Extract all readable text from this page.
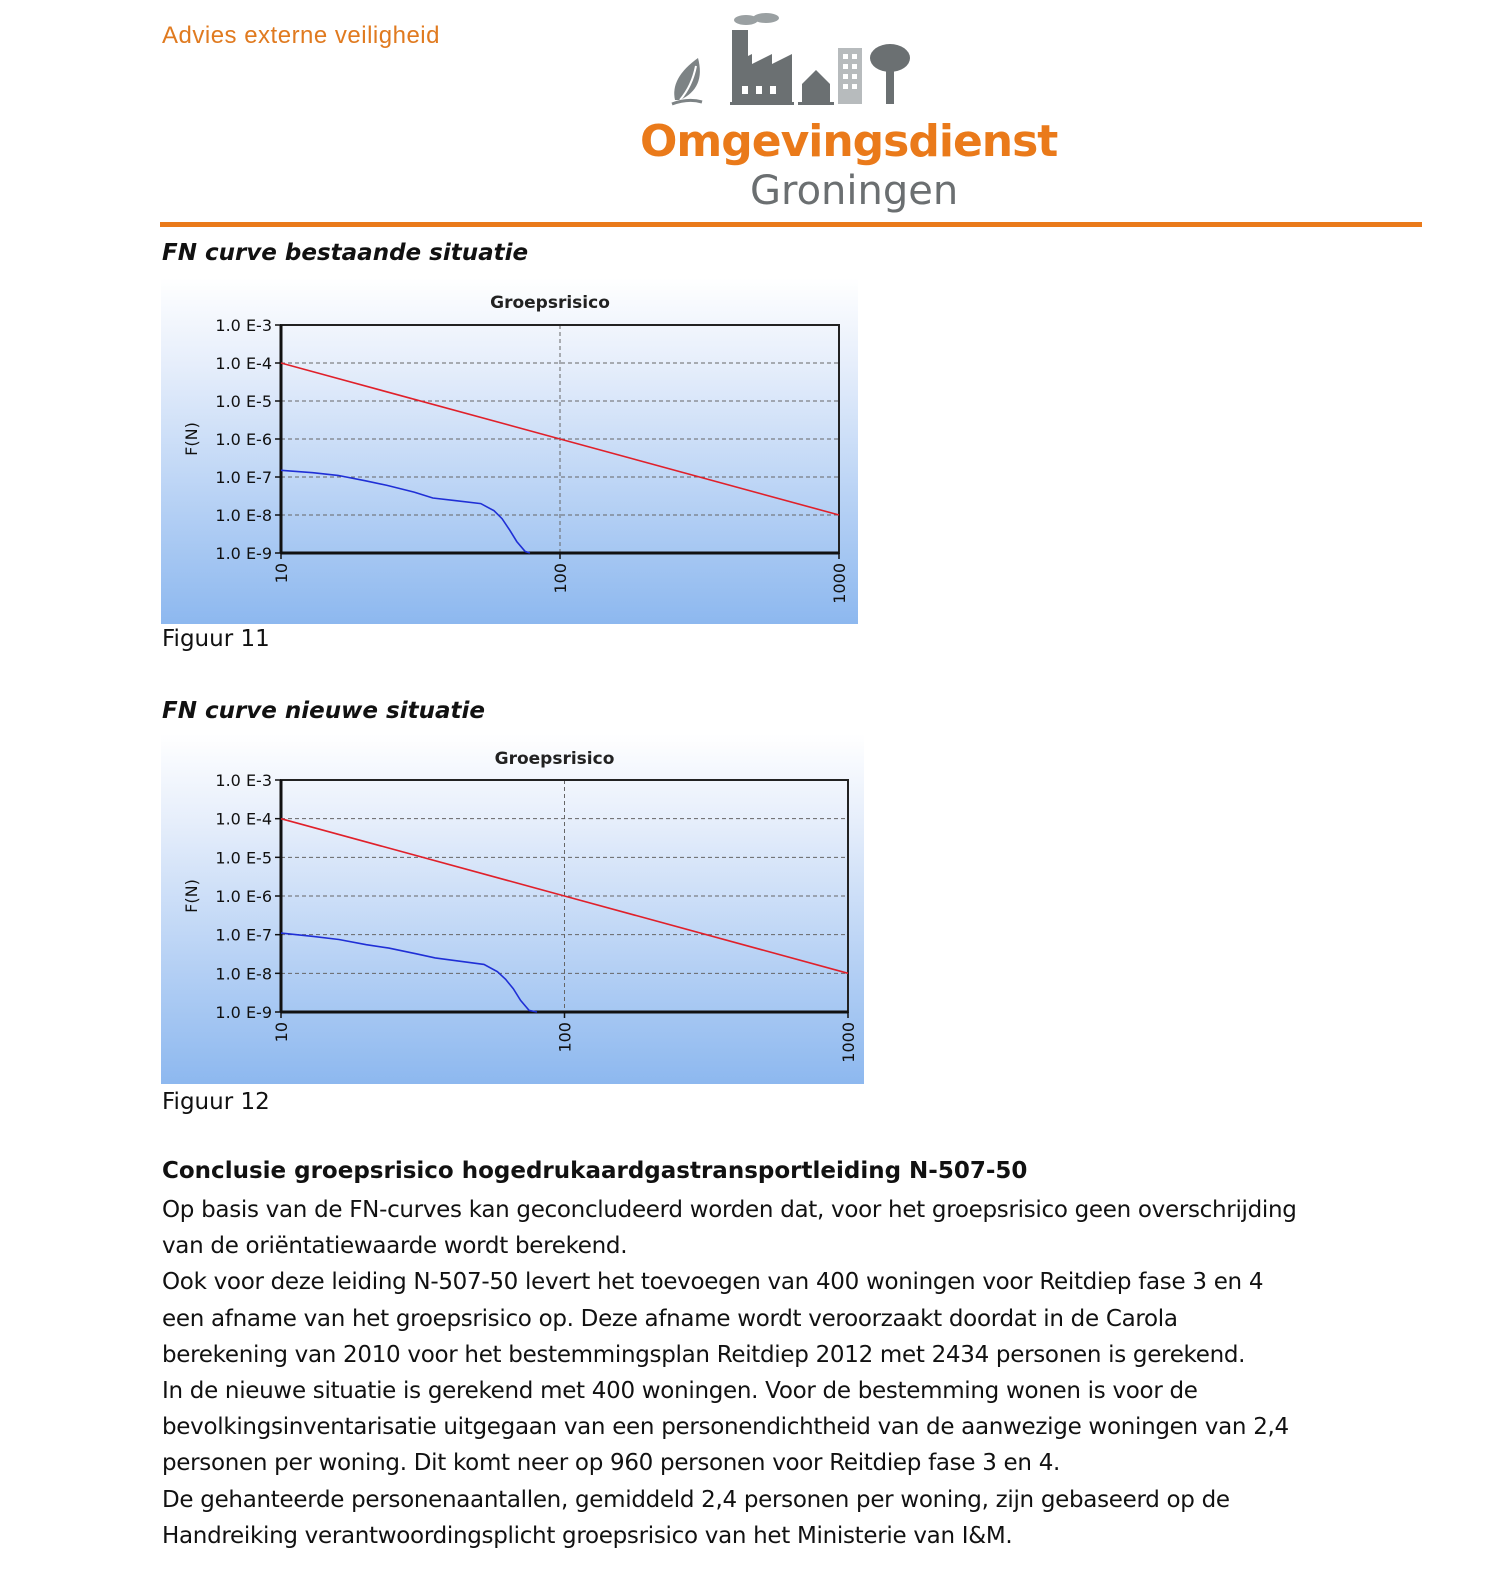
Advies externe veiligheid
Omgevingsdienst
Groningen
FN curve bestaande situatie
Groepsrisico
1.0 E-3
1.0 E-4
1.0 E-5
1.0 E-6
1.0 E-7
1.0 E-8
1.0 E-9
F(N)
10	100	1000
Figuur 11
FN curve nieuwe situatie
Groepsrisico
1.0 E-3
1.0 E-4
1.0 E-5
1.0 E-6
1.0 E-7
1.0 E-8
1.0 E-9
F(N)
10	100	1000
Figuur 12
Conclusie groepsrisico hogedrukaardgastransportleiding N-507-50
Op basis van de FN-curves kan geconcludeerd worden dat, voor het groepsrisico geen overschrijding
van de oriëntatiewaarde wordt berekend.
Ook voor deze leiding N-507-50 levert het toevoegen van 400 woningen voor Reitdiep fase 3 en 4
een afname van het groepsrisico op. Deze afname wordt veroorzaakt doordat in de Carola
berekening van 2010 voor het bestemmingsplan Reitdiep 2012 met 2434 personen is gerekend.
In de nieuwe situatie is gerekend met 400 woningen. Voor de bestemming wonen is voor de
bevolkingsinventarisatie uitgegaan van een personendichtheid van de aanwezige woningen van 2,4
personen per woning. Dit komt neer op 960 personen voor Reitdiep fase 3 en 4.
De gehanteerde personenaantallen, gemiddeld 2,4 personen per woning, zijn gebaseerd op de
Handreiking verantwoordingsplicht groepsrisico van het Ministerie van I&M.
